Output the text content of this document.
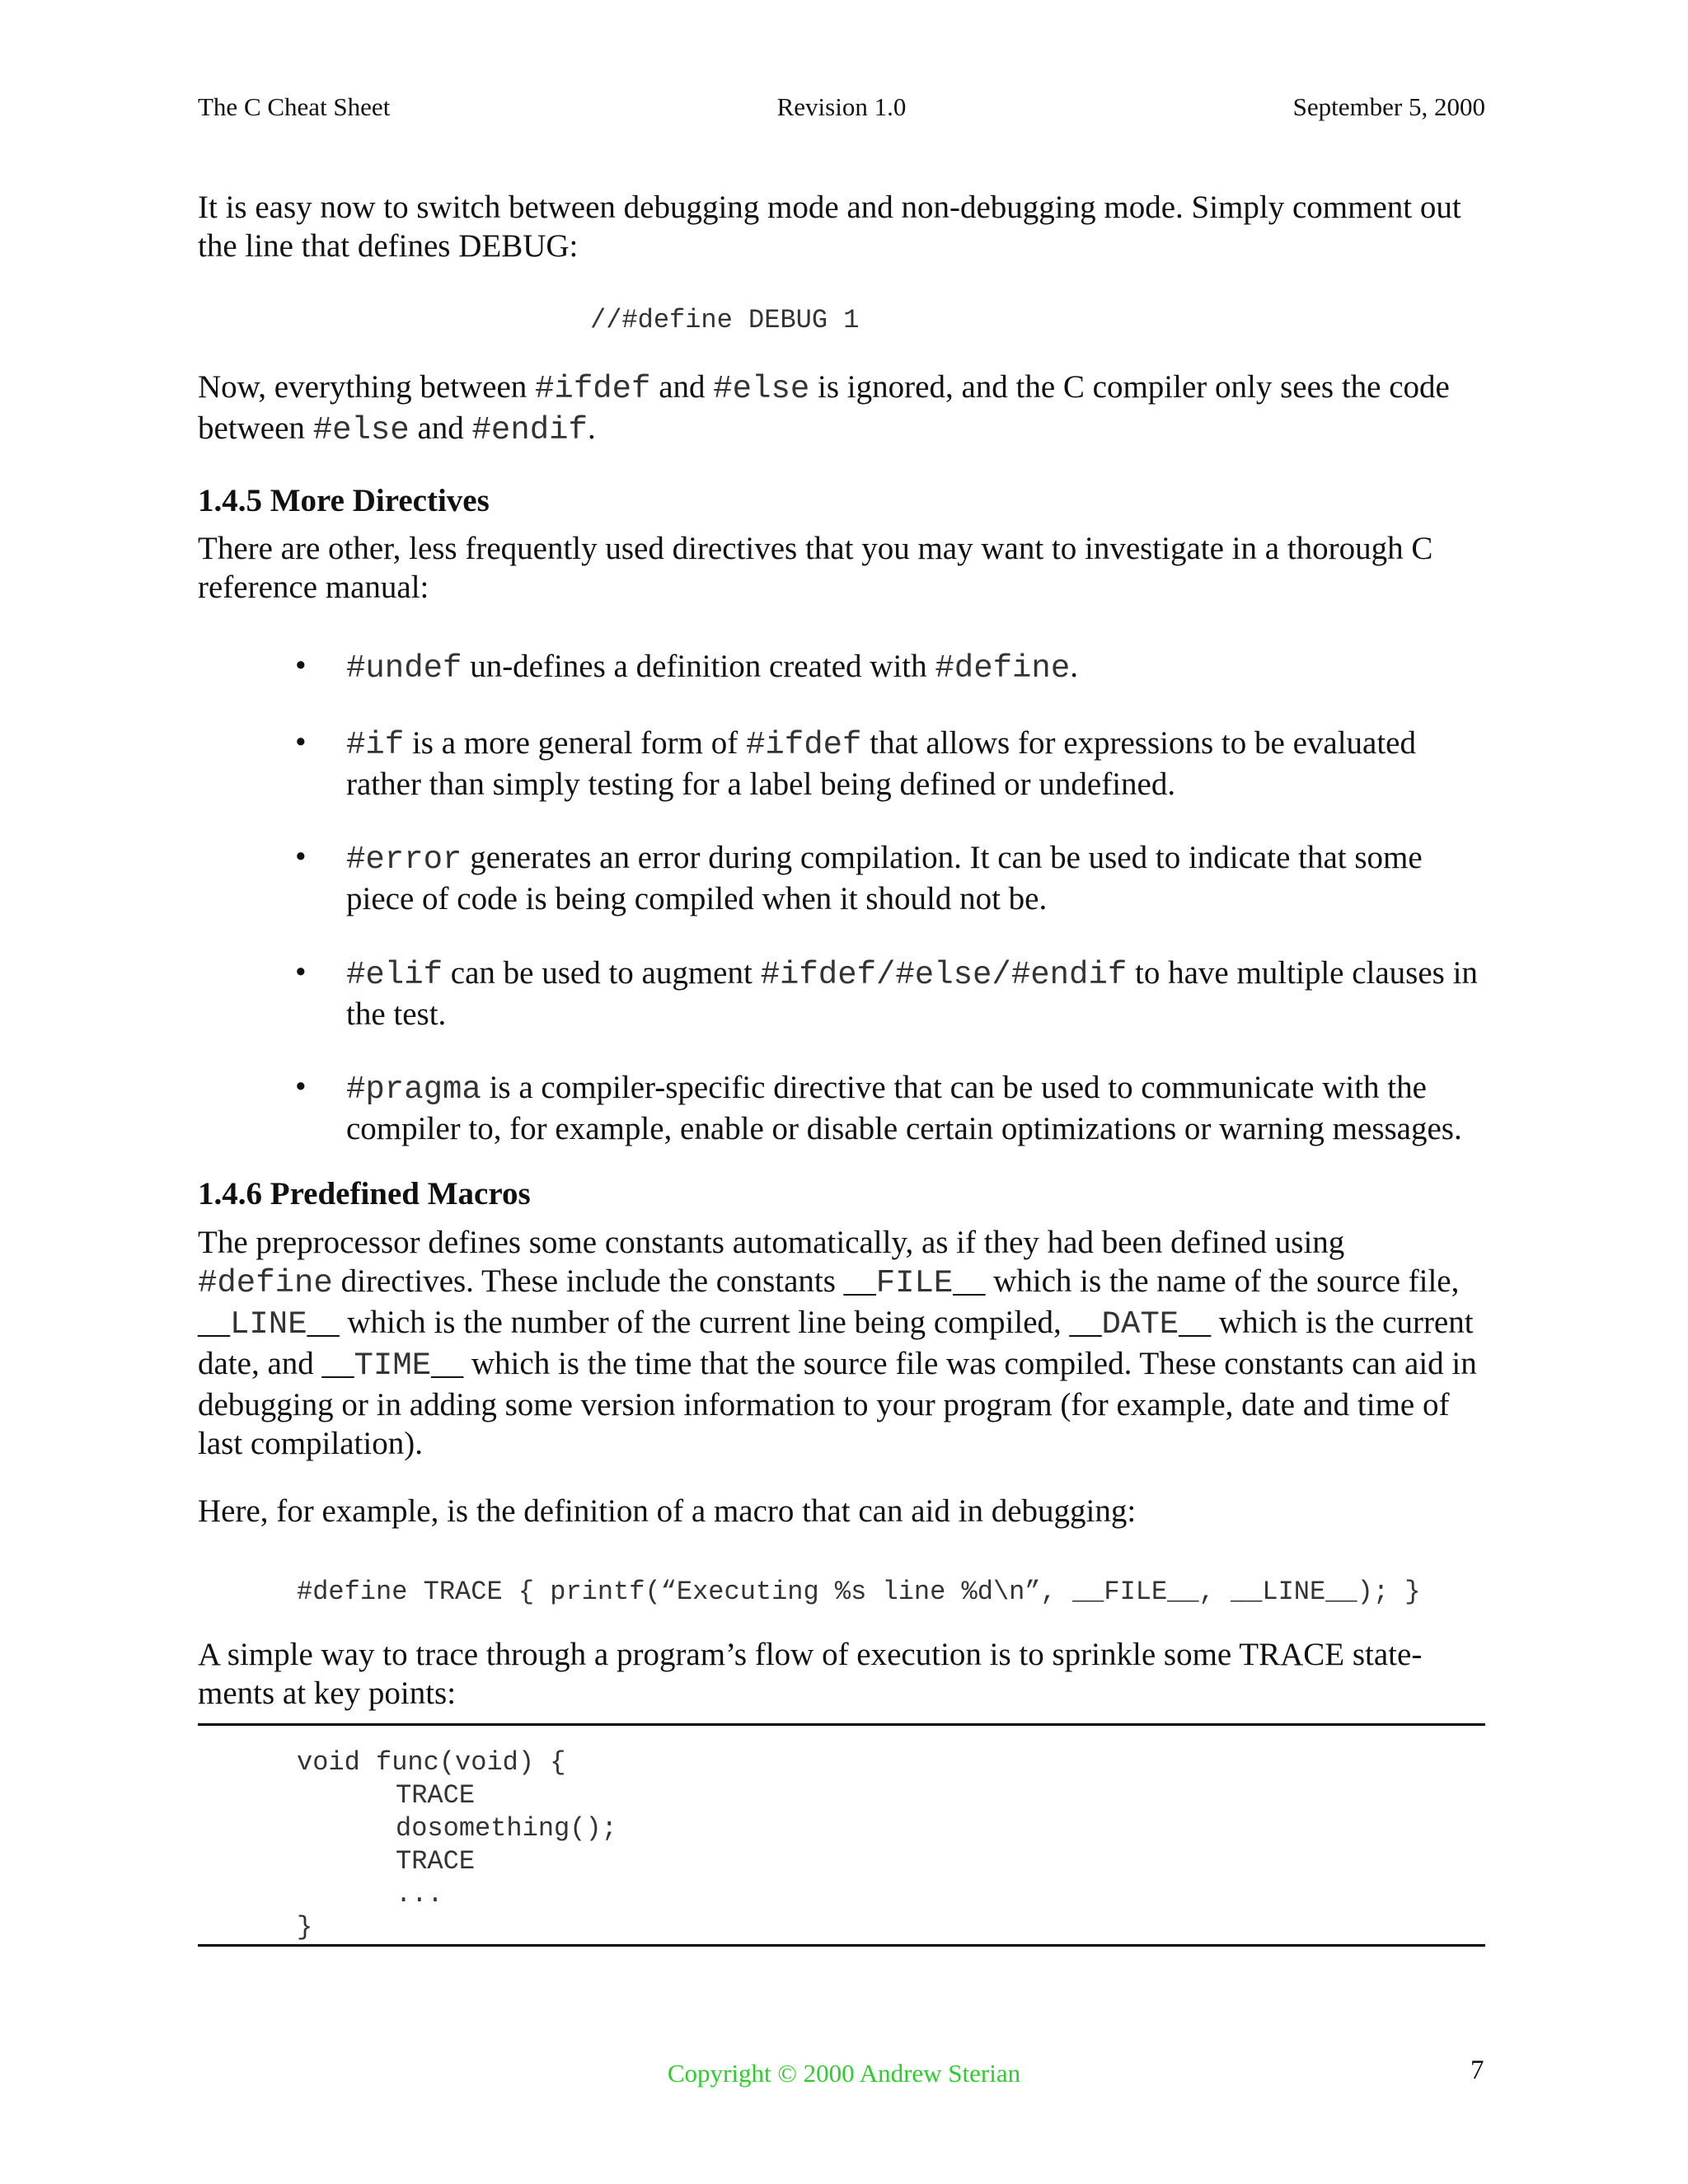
The C Cheat Sheet	Revision 1.0	September 5, 2000
It is easy now to switch between debugging mode and non-debugging mode. Simply comment out the line that defines DEBUG:
//#define DEBUG 1
Now, everything between #ifdef and #else is ignored, and the C compiler only sees the code between #else and #endif.
1.4.5 More Directives
There are other, less frequently used directives that you may want to investigate in a thorough C reference manual:
• #undef un-defines a definition created with #define.
• #if is a more general form of #ifdef that allows for expressions to be evaluated rather than simply testing for a label being defined or undefined.
• #error generates an error during compilation. It can be used to indicate that some piece of code is being compiled when it should not be.
• #elif can be used to augment #ifdef/#else/#endif to have multiple clauses in the test.
• #pragma is a compiler-specific directive that can be used to communicate with the compiler to, for example, enable or disable certain optimizations or warning messages.
1.4.6 Predefined Macros
The preprocessor defines some constants automatically, as if they had been defined using #define directives. These include the constants __FILE__ which is the name of the source file, __LINE__ which is the number of the current line being compiled, __DATE__ which is the current date, and __TIME__ which is the time that the source file was compiled. These constants can aid in debugging or in adding some version information to your program (for example, date and time of last compilation).
Here, for example, is the definition of a macro that can aid in debugging:
#define TRACE { printf(“Executing %s line %d\n”, __FILE__, __LINE__); }
A simple way to trace through a program’s flow of execution is to sprinkle some TRACE state-ments at key points:
void func(void) {
TRACE
dosomething();
TRACE
...
}
Copyright © 2000 Andrew Sterian	7
